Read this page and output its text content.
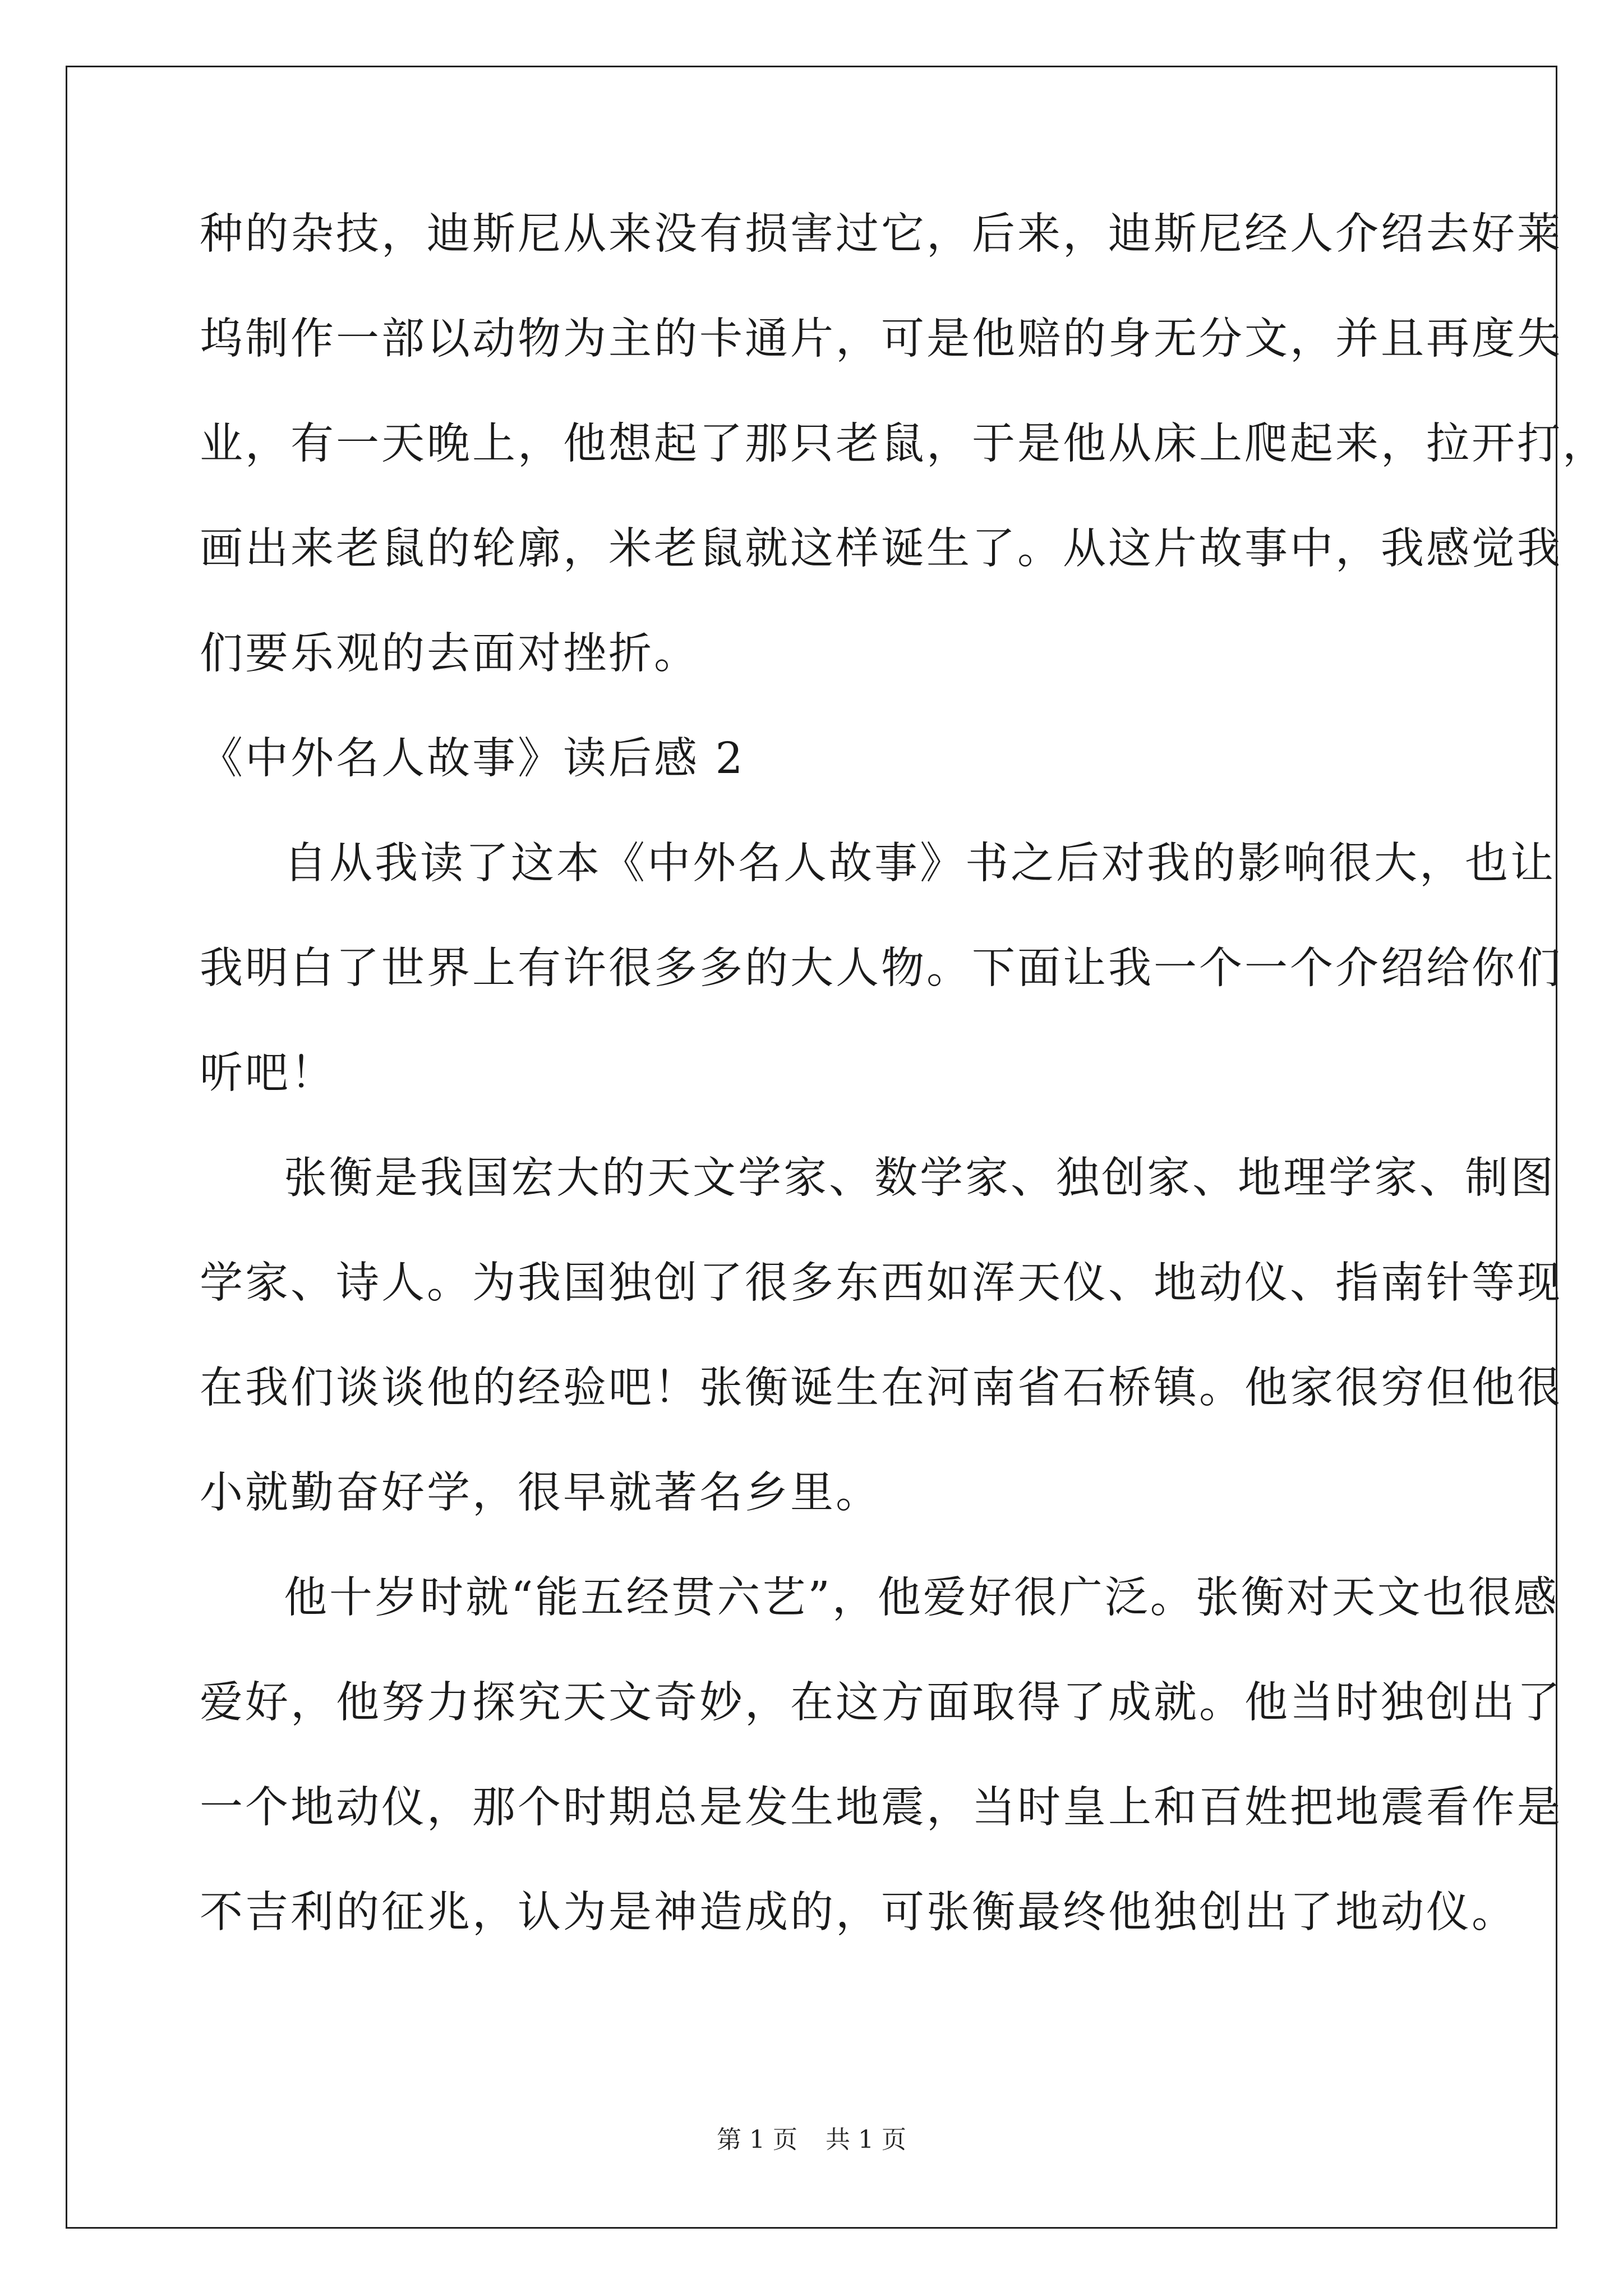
种的杂技，迪斯尼从来没有损害过它，后来，迪斯尼经人介绍去好莱
坞制作一部以动物为主的卡通片，可是他赔的身无分文，并且再度失
业，有一天晚上，他想起了那只老鼠，于是他从床上爬起来，拉开打，
画出来老鼠的轮廓，米老鼠就这样诞生了。从这片故事中，我感觉我
们要乐观的去面对挫折。
《中外名人故事》读后感 2
自从我读了这本《中外名人故事》书之后对我的影响很大，也让
我明白了世界上有许很多多的大人物。下面让我一个一个介绍给你们
听吧！
张衡是我国宏大的天文学家、数学家、独创家、地理学家、制图
学家、诗人。为我国独创了很多东西如浑天仪、地动仪、指南针等现
在我们谈谈他的经验吧！张衡诞生在河南省石桥镇。他家很穷但他很
小就勤奋好学，很早就著名乡里。
他十岁时就“能五经贯六艺”，他爱好很广泛。张衡对天文也很感
爱好，他努力探究天文奇妙，在这方面取得了成就。他当时独创出了
一个地动仪，那个时期总是发生地震，当时皇上和百姓把地震看作是
不吉利的征兆，认为是神造成的，可张衡最终他独创出了地动仪。
第 1 页 共 1 页
